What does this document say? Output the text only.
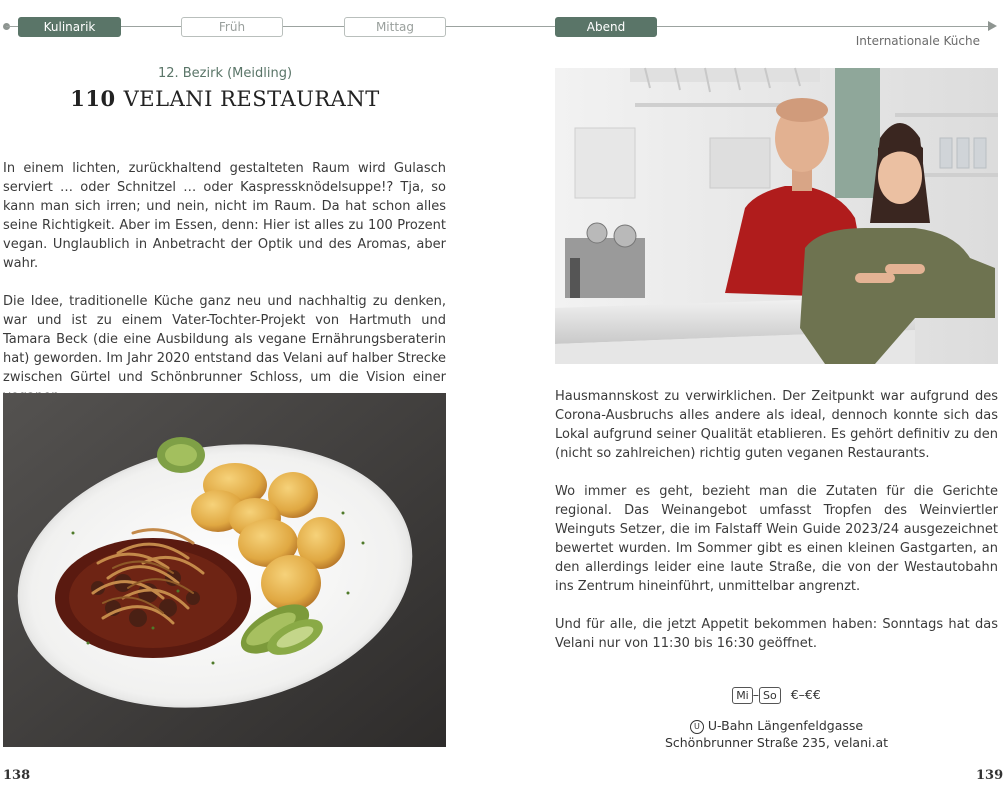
Kulinarik	Früh	Mittag	Abend
Internationale Küche
12. Bezirk (Meidling)
110 VELANI RESTAURANT

In einem lichten, zurückhaltend gestalteten Raum wird Gulasch serviert … oder Schnitzel … oder Kaspressknödelsuppe!? Tja, so kann man sich irren; und nein, nicht im Raum. Da hat schon alles seine Richtigkeit. Aber im Essen, denn: Hier ist alles zu 100 Prozent vegan. Unglaublich in Anbetracht der Optik und des Aromas, aber wahr.

Die Idee, traditionelle Küche ganz neu und nachhaltig zu denken, war und ist zu einem Vater-Tochter-Projekt von Hartmuth und Tamara Beck (die eine Ausbildung als vegane Ernährungsberaterin hat) geworden. Im Jahr 2020 entstand das Velani auf halber Strecke zwischen Gürtel und Schönbrunner Schloss, um die Vision einer

138

Hausmannskost zu verwirklichen. Der Zeitpunkt war aufgrund des Corona-Ausbruchs alles andere als ideal, dennoch konnte sich das Lokal aufgrund seiner Qualität etablieren. Es gehört definitiv zu den (nicht so zahlreichen) richtig guten veganen Restaurants.

Wo immer es geht, bezieht man die Zutaten für die Gerichte regional. Das Weinangebot umfasst Tropfen des Weinviertler Weinguts Setzer, die im Falstaff Wein Guide 2023/24 ausgezeichnet bewertet wurden. Im Sommer gibt es einen kleinen Gastgarten, an den allerdings leider eine laute Straße, die von der Westautobahn ins Zentrum hineinführt, unmittelbar angrenzt.

Und für alle, die jetzt Appetit bekommen haben: Sonntags hat das Velani nur von 11:30 bis 16:30 geöffnet.

Mi – So €–€€
U U-Bahn Längenfeldgasse
Schönbrunner Straße 235, velani.at
139
